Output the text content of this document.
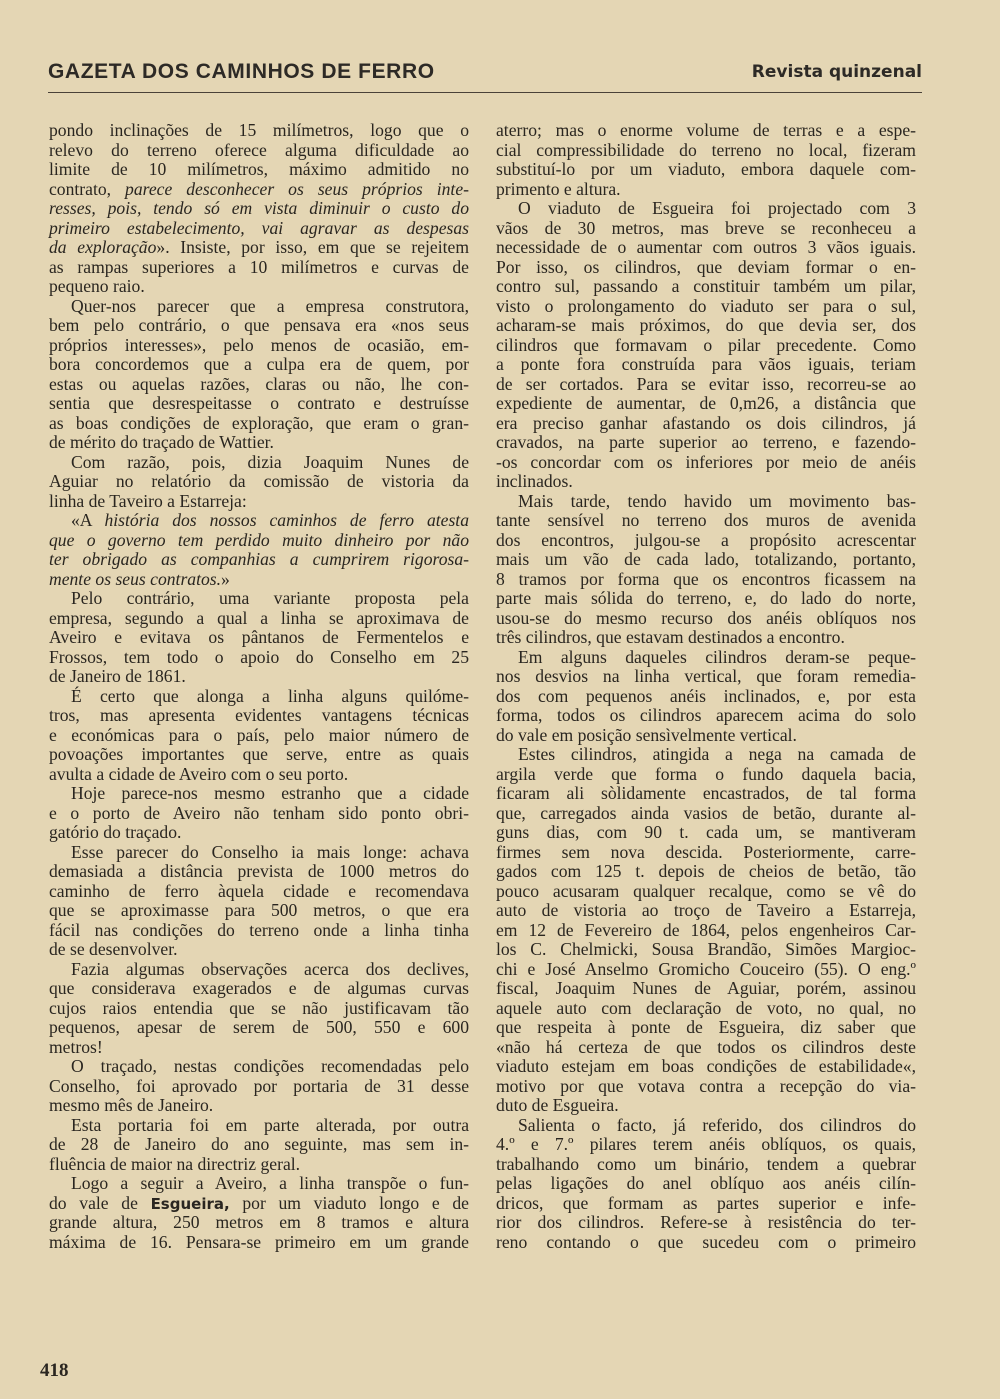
GAZETA DOS CAMINHOS DE FERRO	Revista quinzenal
pondo inclinações de 15 milímetros, logo que o
relevo do terreno oferece alguma dificuldade ao
limite de 10 milímetros, máximo admitido no
contrato, parece desconhecer os seus próprios inte-
resses, pois, tendo só em vista diminuir o custo do
primeiro estabelecimento, vai agravar as despesas
da exploração». Insiste, por isso, em que se rejeitem
as rampas superiores a 10 milímetros e curvas de
pequeno raio.
Quer-nos parecer que a empresa construtora,
bem pelo contrário, o que pensava era «nos seus
próprios interesses», pelo menos de ocasião, em-
bora concordemos que a culpa era de quem, por
estas ou aquelas razões, claras ou não, lhe con-
sentia que desrespeitasse o contrato e destruísse
as boas condições de exploração, que eram o gran-
de mérito do traçado de Wattier.
Com razão, pois, dizia Joaquim Nunes de
Aguiar no relatório da comissão de vistoria da
linha de Taveiro a Estarreja:
«A história dos nossos caminhos de ferro atesta
que o governo tem perdido muito dinheiro por não
ter obrigado as companhias a cumprirem rigorosa-
mente os seus contratos.»
Pelo contrário, uma variante proposta pela
empresa, segundo a qual a linha se aproximava de
Aveiro e evitava os pântanos de Fermentelos e
Frossos, tem todo o apoio do Conselho em 25
de Janeiro de 1861.
É certo que alonga a linha alguns quilóme-
tros, mas apresenta evidentes vantagens técnicas
e económicas para o país, pelo maior número de
povoações importantes que serve, entre as quais
avulta a cidade de Aveiro com o seu porto.
Hoje parece-nos mesmo estranho que a cidade
e o porto de Aveiro não tenham sido ponto obri-
gatório do traçado.
Esse parecer do Conselho ia mais longe: achava
demasiada a distância prevista de 1000 metros do
caminho de ferro àquela cidade e recomendava
que se aproximasse para 500 metros, o que era
fácil nas condições do terreno onde a linha tinha
de se desenvolver.
Fazia algumas observações acerca dos declives,
que considerava exagerados e de algumas curvas
cujos raios entendia que se não justificavam tão
pequenos, apesar de serem de 500, 550 e 600
metros!
O traçado, nestas condições recomendadas pelo
Conselho, foi aprovado por portaria de 31 desse
mesmo mês de Janeiro.
Esta portaria foi em parte alterada, por outra
de 28 de Janeiro do ano seguinte, mas sem in-
fluência de maior na directriz geral.
Logo a seguir a Aveiro, a linha transpõe o fun-
do vale de Esgueira, por um viaduto longo e de
grande altura, 250 metros em 8 tramos e altura
máxima de 16. Pensara-se primeiro em um grande
aterro; mas o enorme volume de terras e a espe-
cial compressibilidade do terreno no local, fizeram
substituí-lo por um viaduto, embora daquele com-
primento e altura.
O viaduto de Esgueira foi projectado com 3
vãos de 30 metros, mas breve se reconheceu a
necessidade de o aumentar com outros 3 vãos iguais.
Por isso, os cilindros, que deviam formar o en-
contro sul, passando a constituir também um pilar,
visto o prolongamento do viaduto ser para o sul,
acharam-se mais próximos, do que devia ser, dos
cilindros que formavam o pilar precedente. Como
a ponte fora construída para vãos iguais, teriam
de ser cortados. Para se evitar isso, recorreu-se ao
expediente de aumentar, de 0,m26, a distância que
era preciso ganhar afastando os dois cilindros, já
cravados, na parte superior ao terreno, e fazendo-
-os concordar com os inferiores por meio de anéis
inclinados.
Mais tarde, tendo havido um movimento bas-
tante sensível no terreno dos muros de avenida
dos encontros, julgou-se a propósito acrescentar
mais um vão de cada lado, totalizando, portanto,
8 tramos por forma que os encontros ficassem na
parte mais sólida do terreno, e, do lado do norte,
usou-se do mesmo recurso dos anéis oblíquos nos
três cilindros, que estavam destinados a encontro.
Em alguns daqueles cilindros deram-se peque-
nos desvios na linha vertical, que foram remedia-
dos com pequenos anéis inclinados, e, por esta
forma, todos os cilindros aparecem acima do solo
do vale em posição sensìvelmente vertical.
Estes cilindros, atingida a nega na camada de
argila verde que forma o fundo daquela bacia,
ficaram ali sòlidamente encastrados, de tal forma
que, carregados ainda vasios de betão, durante al-
guns dias, com 90 t. cada um, se mantiveram
firmes sem nova descida. Posteriormente, carre-
gados com 125 t. depois de cheios de betão, tão
pouco acusaram qualquer recalque, como se vê do
auto de vistoria ao troço de Taveiro a Estarreja,
em 12 de Fevereiro de 1864, pelos engenheiros Car-
los C. Chelmicki, Sousa Brandão, Simões Margioc-
chi e José Anselmo Gromicho Couceiro (55). O eng.º
fiscal, Joaquim Nunes de Aguiar, porém, assinou
aquele auto com declaração de voto, no qual, no
que respeita à ponte de Esgueira, diz saber que
«não há certeza de que todos os cilindros deste
viaduto estejam em boas condições de estabilidade«,
motivo por que votava contra a recepção do via-
duto de Esgueira.
Salienta o facto, já referido, dos cilindros do
4.º e 7.º pilares terem anéis oblíquos, os quais,
trabalhando como um binário, tendem a quebrar
pelas ligações do anel oblíquo aos anéis cilín-
dricos, que formam as partes superior e infe-
rior dos cilindros. Refere-se à resistência do ter-
reno contando o que sucedeu com o primeiro
418
